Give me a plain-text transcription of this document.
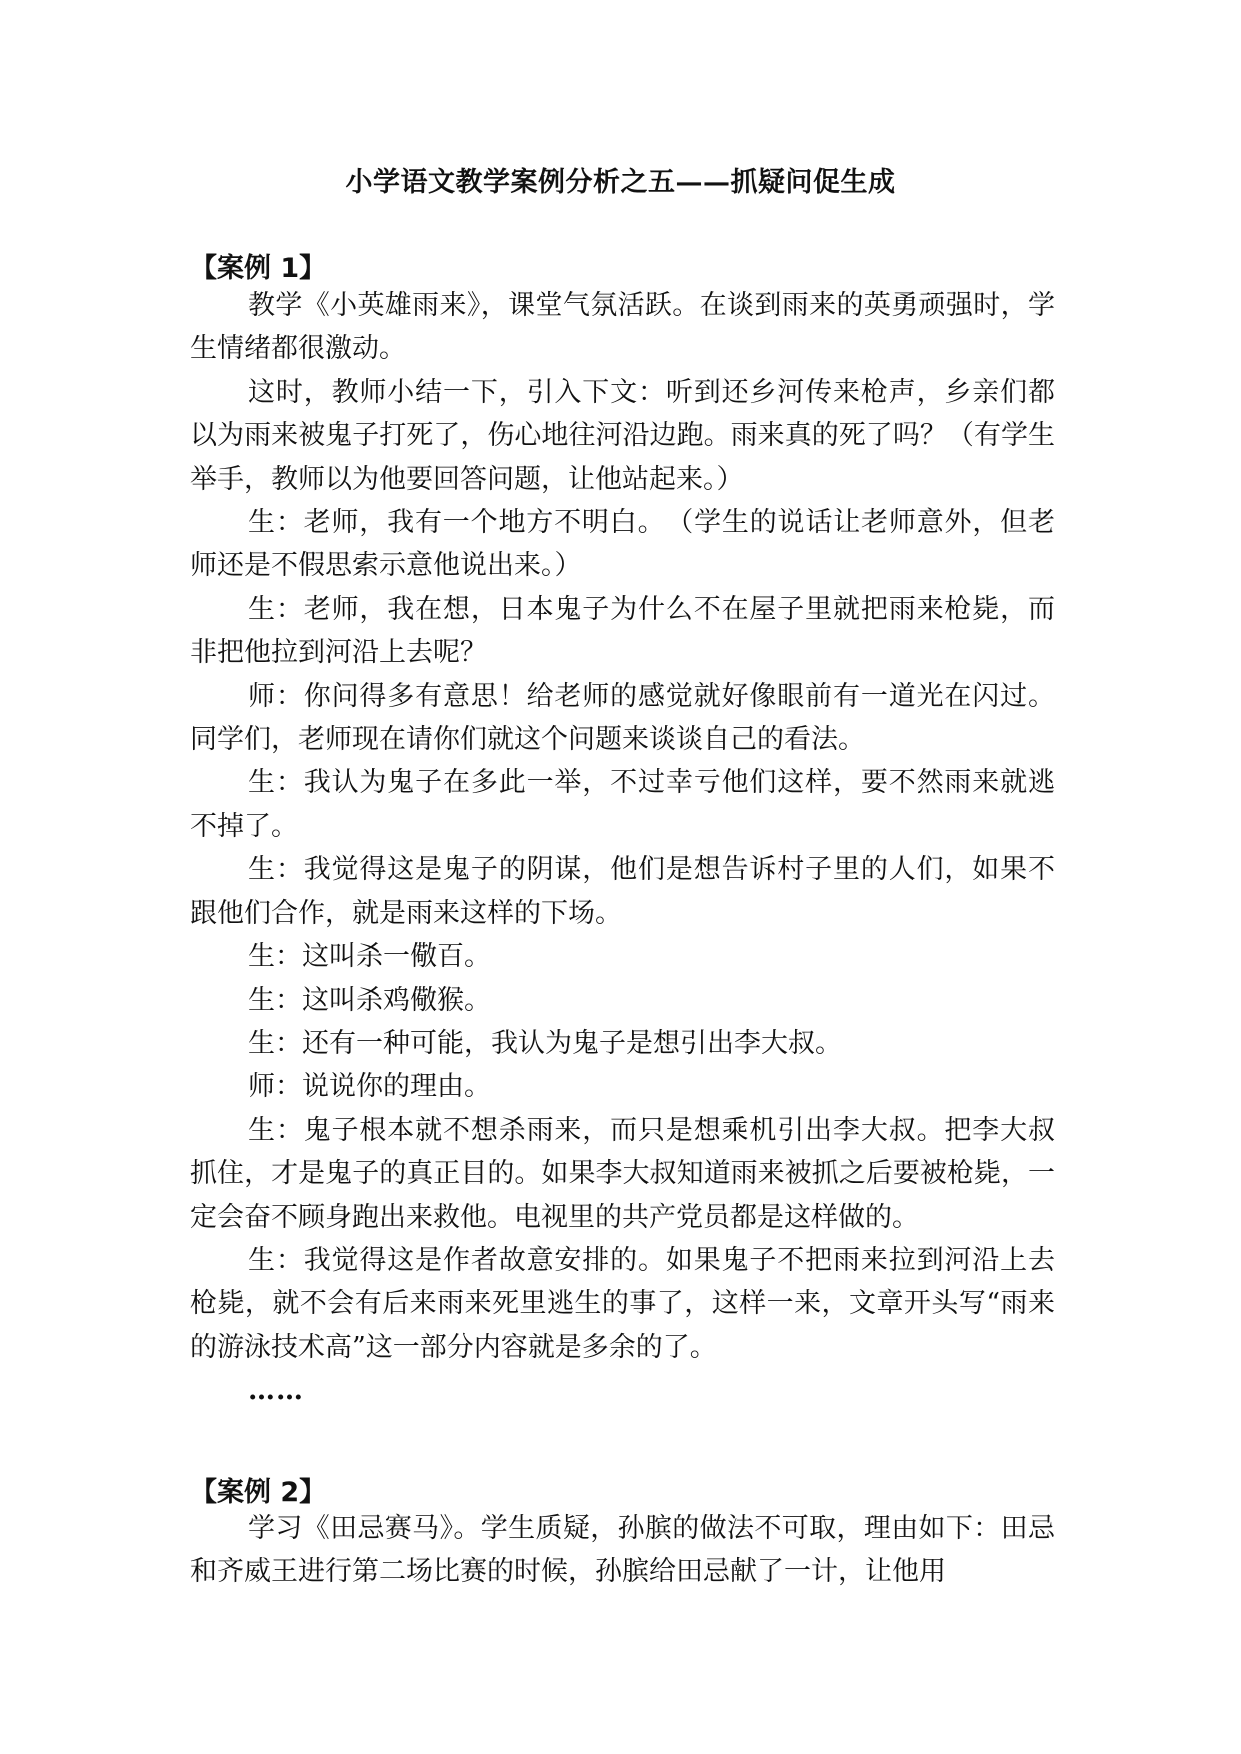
小学语文教学案例分析之五——抓疑问促生成
【案例 1】

教学《小英雄雨来》，课堂气氛活跃。在谈到雨来的英勇顽强时，学生情绪都很激动。

这时，教师小结一下，引入下文：听到还乡河传来枪声，乡亲们都以为雨来被鬼子打死了，伤心地往河沿边跑。雨来真的死了吗？（有学生举手，教师以为他要回答问题，让他站起来。）

生：老师，我有一个地方不明白。　（学生的说话让老师意外，但老师还是不假思索示意他说出来。）

生：老师，我在想，日本鬼子为什么不在屋子里就把雨来枪毙，而非把他拉到河沿上去呢？

师：你问得多有意思！给老师的感觉就好像眼前有一道光在闪过。同学们，老师现在请你们就这个问题来谈谈自己的看法。

生：我认为鬼子在多此一举，不过幸亏他们这样，要不然雨来就逃不掉了。

生：我觉得这是鬼子的阴谋，他们是想告诉村子里的人们，如果不跟他们合作，就是雨来这样的下场。

生：这叫杀一儆百。

生：这叫杀鸡儆猴。

生：还有一种可能，我认为鬼子是想引出李大叔。

师：说说你的理由。

生：鬼子根本就不想杀雨来，而只是想乘机引出李大叔。把李大叔抓住，才是鬼子的真正目的。如果李大叔知道雨来被抓之后要被枪毙，一定会奋不顾身跑出来救他。电视里的共产党员都是这样做的。

生：我觉得这是作者故意安排的。如果鬼子不把雨来拉到河沿上去枪毙，就不会有后来雨来死里逃生的事了，这样一来，文章开头写“雨来的游泳技术高”这一部分内容就是多余的了。

……

【案例 2】

学习《田忌赛马》。学生质疑，孙膑的做法不可取，理由如下：田忌和齐威王进行第二场比赛的时候，孙膑给田忌献了一计，让他用
